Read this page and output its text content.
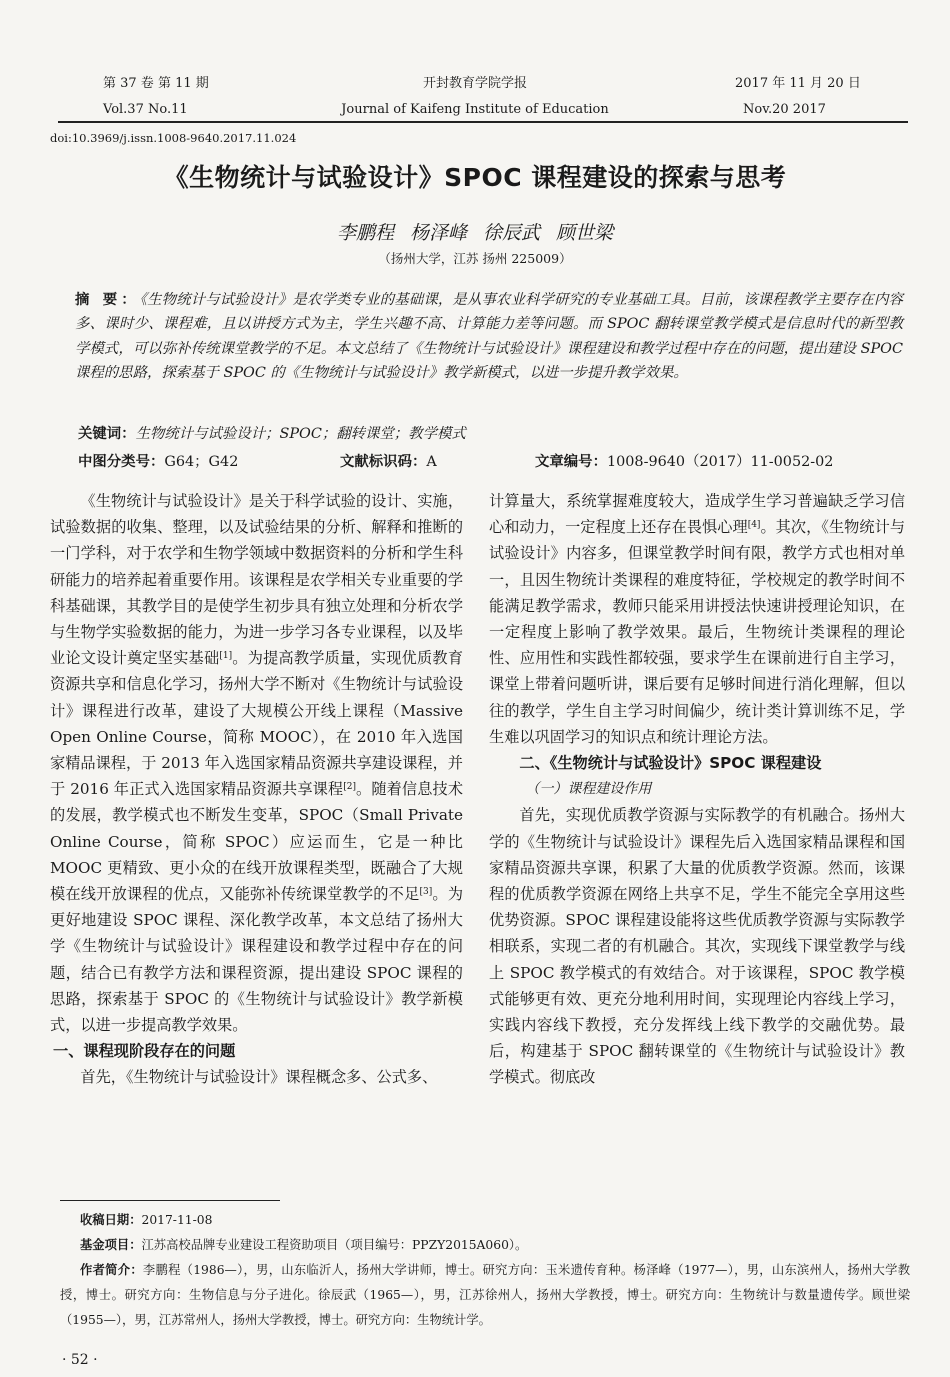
第 37 卷 第 11 期
Vol.37 No.11
开封教育学院学报
Journal of Kaifeng Institute of Education
2017 年 11 月 20 日
Nov.20 2017
doi:10.3969/j.issn.1008-9640.2017.11.024
《生物统计与试验设计》SPOC 课程建设的探索与思考
李鹏程 杨泽峰 徐辰武 顾世梁
（扬州大学，江苏 扬州 225009）
摘 要：《生物统计与试验设计》是农学类专业的基础课，是从事农业科学研究的专业基础工具。目前，该课程教学主要存在内容多、课时少、课程难，且以讲授方式为主，学生兴趣不高、计算能力差等问题。而 SPOC 翻转课堂教学模式是信息时代的新型教学模式，可以弥补传统课堂教学的不足。本文总结了《生物统计与试验设计》课程建设和教学过程中存在的问题，提出建设 SPOC 课程的思路，探索基于 SPOC 的《生物统计与试验设计》教学新模式，以进一步提升教学效果。
关键词：生物统计与试验设计；SPOC；翻转课堂；教学模式
中图分类号：G64；G42	文献标识码：A	文章编号：1008-9640（2017）11-0052-02

《生物统计与试验设计》是关于科学试验的设计、实施，试验数据的收集、整理，以及试验结果的分析、解释和推断的一门学科，对于农学和生物学领域中数据资料的分析和学生科研能力的培养起着重要作用。该课程是农学相关专业重要的学科基础课，其教学目的是使学生初步具有独立处理和分析农学与生物学实验数据的能力，为进一步学习各专业课程，以及毕业论文设计奠定坚实基础[1]。为提高教学质量，实现优质教育资源共享和信息化学习，扬州大学不断对《生物统计与试验设计》课程进行改革，建设了大规模公开线上课程（Massive Open Online Course，简称 MOOC），在 2010 年入选国家精品课程，于 2013 年入选国家精品资源共享建设课程，并于 2016 年正式入选国家精品资源共享课程[2]。随着信息技术的发展，教学模式也不断发生变革，SPOC（Small Private Online Course，简称 SPOC）应运而生，它是一种比 MOOC 更精致、更小众的在线开放课程类型，既融合了大规模在线开放课程的优点，又能弥补传统课堂教学的不足[3]。为更好地建设 SPOC 课程、深化教学改革，本文总结了扬州大学《生物统计与试验设计》课程建设和教学过程中存在的问题，结合已有教学方法和课程资源，提出建设 SPOC 课程的思路，探索基于 SPOC 的《生物统计与试验设计》教学新模式，以进一步提高教学效果。

一、课程现阶段存在的问题

首先，《生物统计与试验设计》课程概念多、公式多、

计算量大，系统掌握难度较大，造成学生学习普遍缺乏学习信心和动力，一定程度上还存在畏惧心理[4]。其次，《生物统计与试验设计》内容多，但课堂教学时间有限，教学方式也相对单一，且因生物统计类课程的难度特征，学校规定的教学时间不能满足教学需求，教师只能采用讲授法快速讲授理论知识，在一定程度上影响了教学效果。最后，生物统计类课程的理论性、应用性和实践性都较强，要求学生在课前进行自主学习，课堂上带着问题听讲，课后要有足够时间进行消化理解，但以往的教学，学生自主学习时间偏少，统计类计算训练不足，学生难以巩固学习的知识点和统计理论方法。

二、《生物统计与试验设计》SPOC 课程建设
（一）课程建设作用

首先，实现优质教学资源与实际教学的有机融合。扬州大学的《生物统计与试验设计》课程先后入选国家精品课程和国家精品资源共享课，积累了大量的优质教学资源。然而，该课程的优质教学资源在网络上共享不足，学生不能完全享用这些优势资源。SPOC 课程建设能将这些优质教学资源与实际教学相联系，实现二者的有机融合。其次，实现线下课堂教学与线上 SPOC 教学模式的有效结合。对于该课程，SPOC 教学模式能够更有效、更充分地利用时间，实现理论内容线上学习，实践内容线下教授，充分发挥线上线下教学的交融优势。最后，构建基于 SPOC 翻转课堂的《生物统计与试验设计》教学模式。彻底改

收稿日期：2017-11-08

基金项目：江苏高校品牌专业建设工程资助项目（项目编号：PPZY2015A060）。

作者简介：李鹏程（1986—），男，山东临沂人，扬州大学讲师，博士。研究方向：玉米遗传育种。杨泽峰（1977—），男，山东滨州人，扬州大学教授，博士。研究方向：生物信息与分子进化。徐辰武（1965—），男，江苏徐州人，扬州大学教授，博士。研究方向：生物统计与数量遗传学。顾世梁（1955—），男，江苏常州人，扬州大学教授，博士。研究方向：生物统计学。

· 52 ·
